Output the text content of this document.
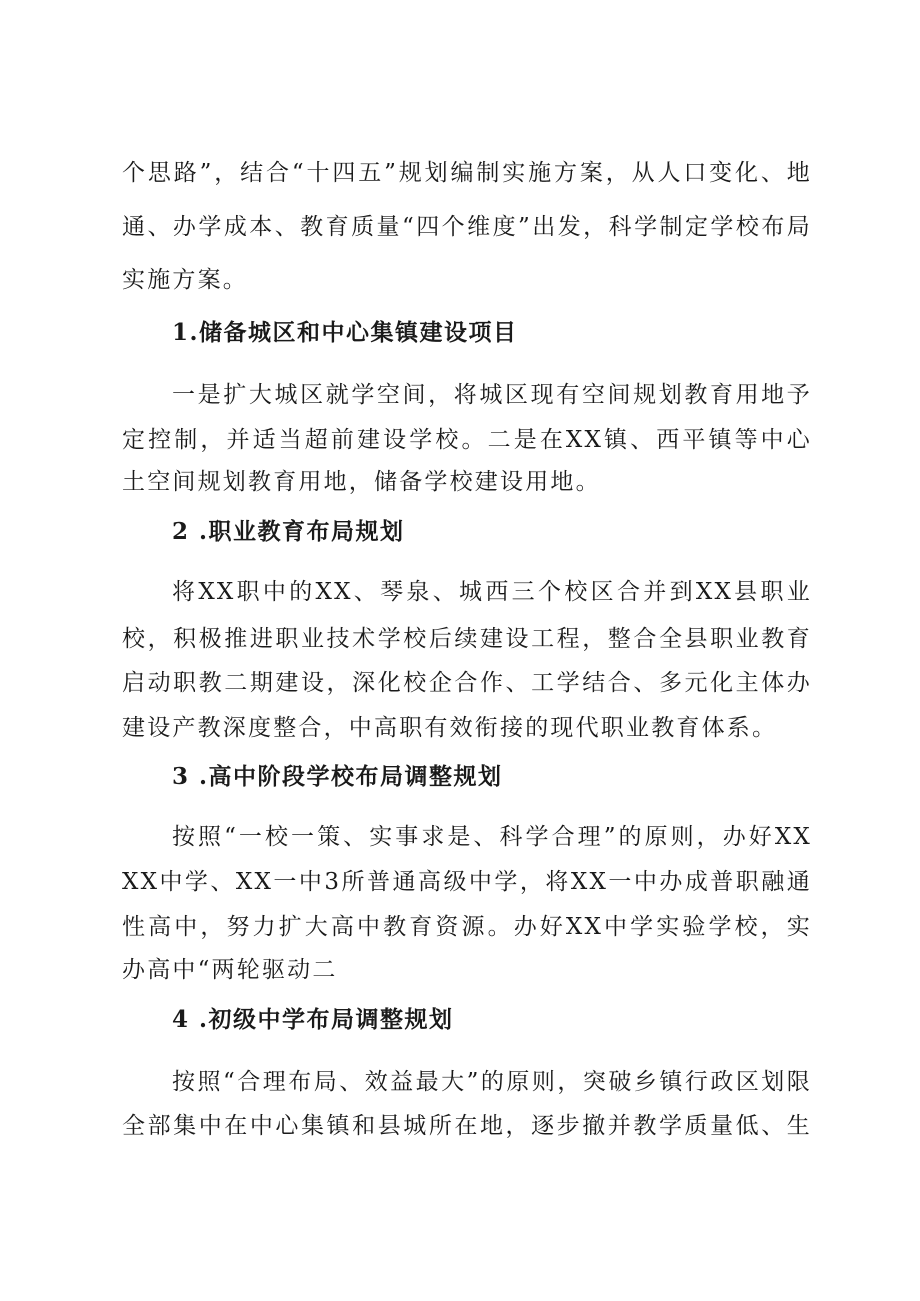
个思路”，结合“十四五”规划编制实施方案，从人口变化、地
通、办学成本、教育质量“四个维度”出发，科学制定学校布局
实施方案。
1.储备城区和中心集镇建设项目
一是扩大城区就学空间，将城区现有空间规划教育用地予
定控制，并适当超前建设学校。二是在XX镇、西平镇等中心
土空间规划教育用地，储备学校建设用地。
2 .职业教育布局规划
将XX职中的XX、琴泉、城西三个校区合并到XX县职业
校，积极推进职业技术学校后续建设工程，整合全县职业教育
启动职教二期建设，深化校企合作、工学结合、多元化主体办
建设产教深度整合，中高职有效衔接的现代职业教育体系。
3 .高中阶段学校布局调整规划
按照“一校一策、实事求是、科学合理”的原则，办好XX
XX中学、XX一中3所普通高级中学，将XX一中办成普职融通
性高中，努力扩大高中教育资源。办好XX中学实验学校，实
办高中“两轮驱动二
4 .初级中学布局调整规划
按照“合理布局、效益最大”的原则，突破乡镇行政区划限
全部集中在中心集镇和县城所在地，逐步撤并教学质量低、生
